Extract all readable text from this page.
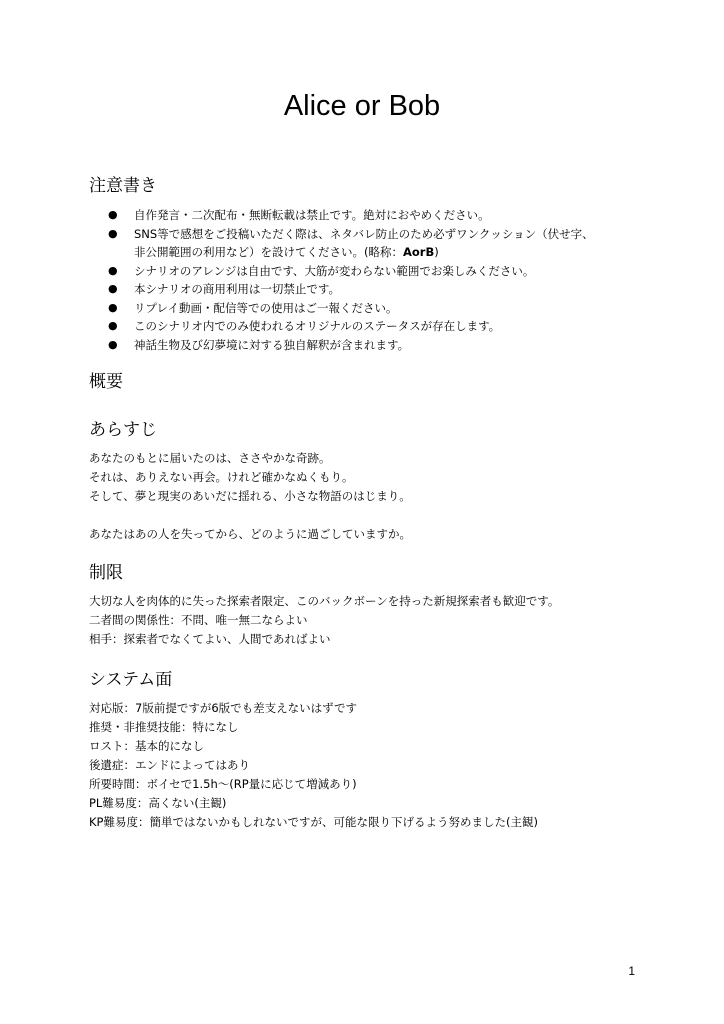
Alice or Bob
注意書き
● 自作発言・二次配布・無断転載は禁止です。絶対におやめください。
● SNS等で感想をご投稿いただく際は、ネタバレ防止のため必ずワンクッション（伏せ字、
非公開範囲の利用など）を設けてください。(略称：AorB)
● シナリオのアレンジは自由です、大筋が変わらない範囲でお楽しみください。
● 本シナリオの商用利用は一切禁止です。
● リプレイ動画・配信等での使用はご一報ください。
● このシナリオ内でのみ使われるオリジナルのステータスが存在します。
● 神話生物及び幻夢境に対する独自解釈が含まれます。
概要
あらすじ

あなたのもとに届いたのは、ささやかな奇跡。

それは、ありえない再会。けれど確かなぬくもり。

そして、夢と現実のあいだに揺れる、小さな物語のはじまり。

あなたはあの人を失ってから、どのように過ごしていますか。

制限

大切な人を肉体的に失った探索者限定、このバックボーンを持った新規探索者も歓迎です。

二者間の関係性：不問、唯一無二ならよい

相手：探索者でなくてよい、人間であればよい

システム面

対応版：7版前提ですが6版でも差支えないはずです

推奨・非推奨技能：特になし

ロスト：基本的になし

後遺症：エンドによってはあり

所要時間：ボイセで1.5h〜(RP量に応じて増減あり)

PL難易度：高くない(主観)

KP難易度：簡単ではないかもしれないですが、可能な限り下げるよう努めました(主観)

1
